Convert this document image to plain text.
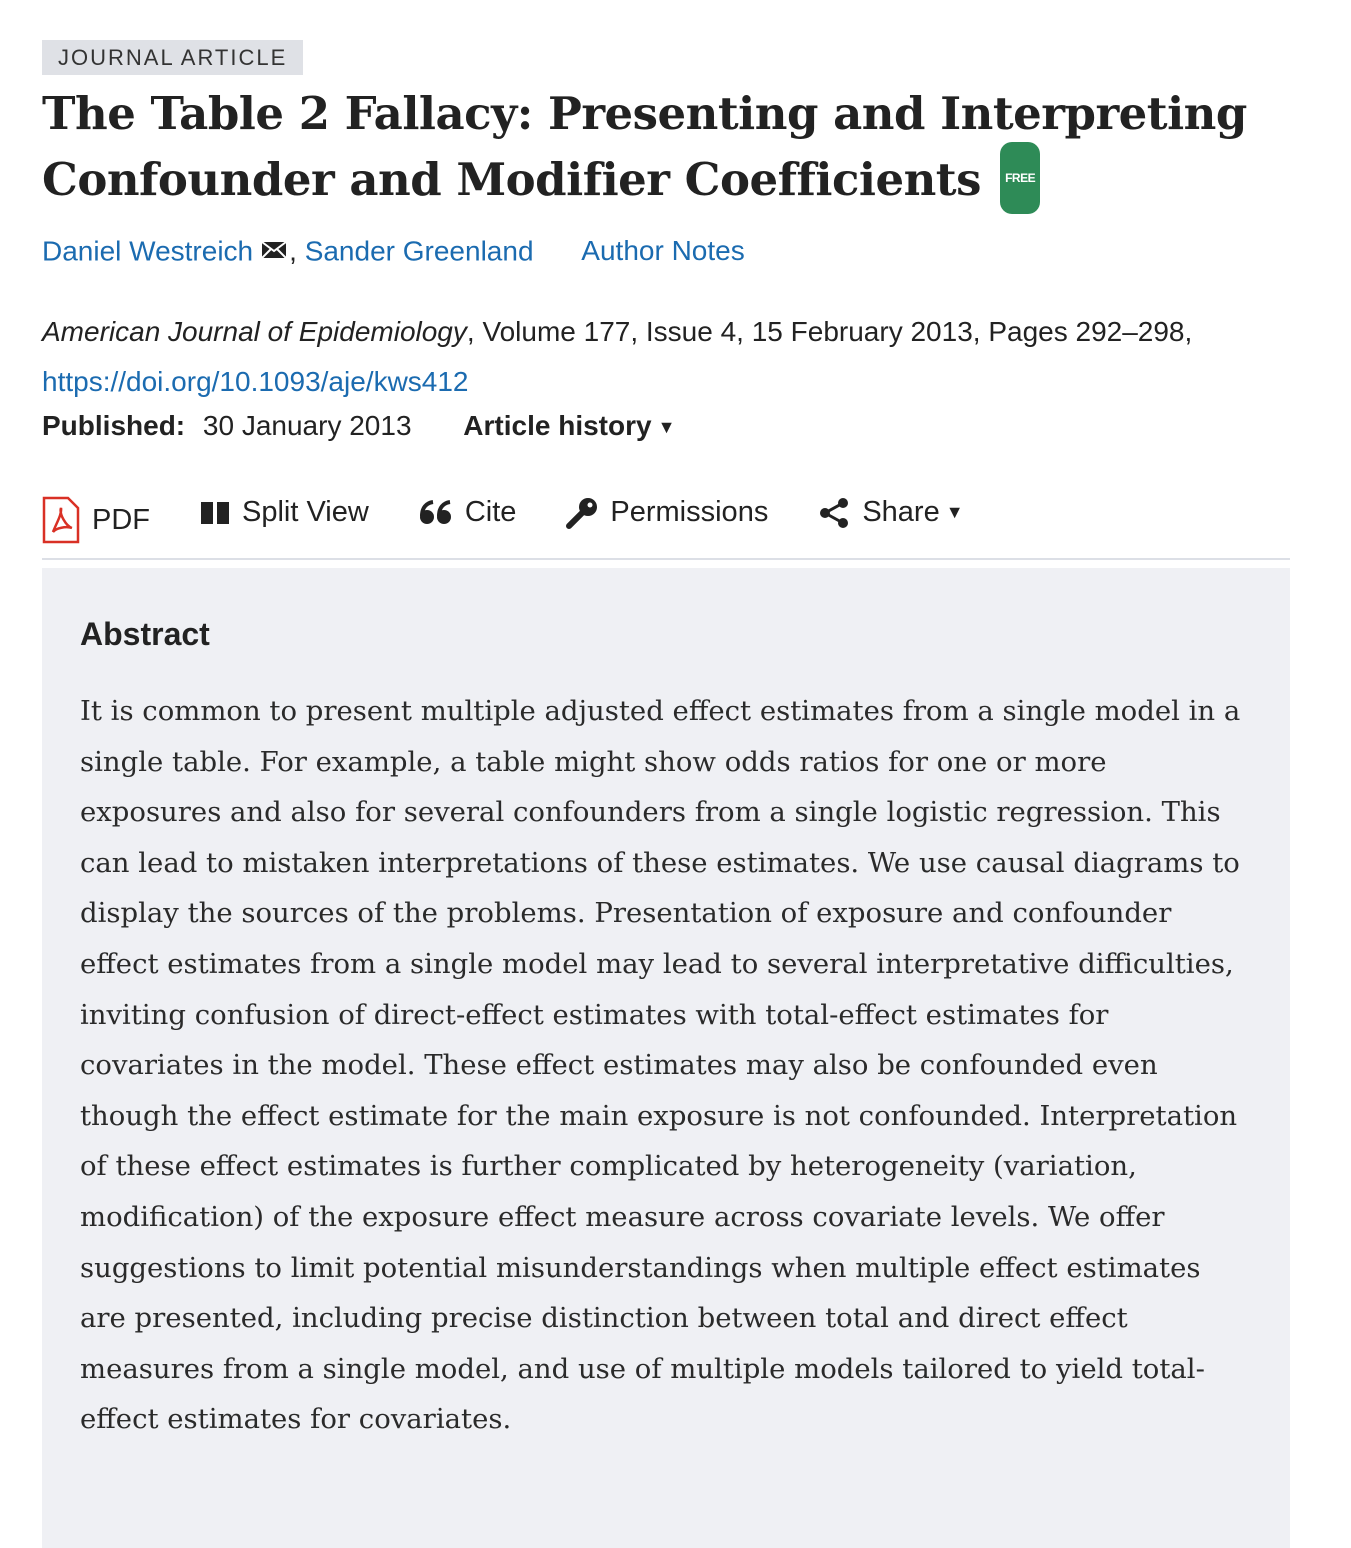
JOURNAL ARTICLE
The Table 2 Fallacy: Presenting and Interpreting Confounder and Modifier Coefficients FREE
Daniel Westreich , Sander Greenland Author Notes
American Journal of Epidemiology, Volume 177, Issue 4, 15 February 2013, Pages 292–298,
https://doi.org/10.1093/aje/kws412
Published: 30 January 2013 Article history ▼
PDF	Split View	Cite	Permissions	Share ▼
Abstract

It is common to present multiple adjusted effect estimates from a single model in a single table. For example, a table might show odds ratios for one or more exposures and also for several confounders from a single logistic regression. This can lead to mistaken interpretations of these estimates. We use causal diagrams to display the sources of the problems. Presentation of exposure and confounder effect estimates from a single model may lead to several interpretative difficulties, inviting confusion of direct-effect estimates with total-effect estimates for covariates in the model. These effect estimates may also be confounded even though the effect estimate for the main exposure is not confounded. Interpretation of these effect estimates is further complicated by heterogeneity (variation, modification) of the exposure effect measure across covariate levels. We offer suggestions to limit potential misunderstandings when multiple effect estimates are presented, including precise distinction between total and direct effect measures from a single model, and use of multiple models tailored to yield total-effect estimates for covariates.
